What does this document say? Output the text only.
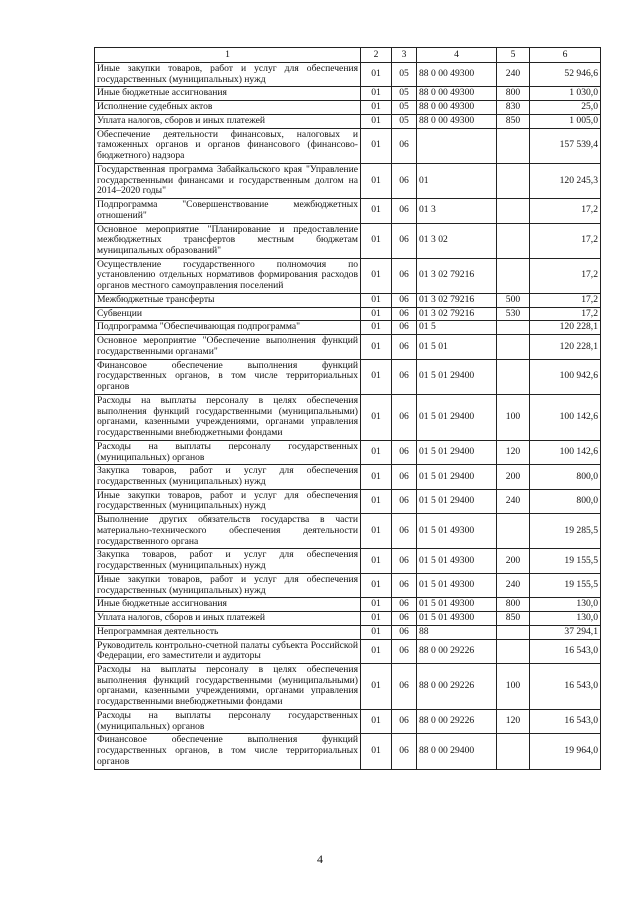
1	2	3	4	5	6
Иные закупки товаров, работ и услуг для обеспечения государственных (муниципальных) нужд	01	05	88 0 00 49300	240	52 946,6
Иные бюджетные ассигнования	01	05	88 0 00 49300	800	1 030,0
Исполнение судебных актов	01	05	88 0 00 49300	830	25,0
Уплата налогов, сборов и иных платежей	01	05	88 0 00 49300	850	1 005,0
Обеспечение деятельности финансовых, налоговых и таможенных органов и органов финансового (финансово-бюджетного) надзора	01	06			157 539,4
Государственная программа Забайкальского края "Управление государственными финансами и государственным долгом на 2014–2020 годы"	01	06	01		120 245,3
Подпрограмма "Совершенствование межбюджетных отношений"	01	06	01 3		17,2
Основное мероприятие "Планирование и предоставление межбюджетных трансфертов местным бюджетам муниципальных образований"	01	06	01 3 02		17,2
Осуществление государственного полномочия по установлению отдельных нормативов формирования расходов органов местного самоуправления поселений	01	06	01 3 02 79216		17,2
Межбюджетные трансферты	01	06	01 3 02 79216	500	17,2
Субвенции	01	06	01 3 02 79216	530	17,2
Подпрограмма "Обеспечивающая подпрограмма"	01	06	01 5		120 228,1
Основное мероприятие "Обеспечение выполнения функций государственными органами"	01	06	01 5 01		120 228,1
Финансовое обеспечение выполнения функций государственных органов, в том числе территориальных органов	01	06	01 5 01 29400		100 942,6
Расходы на выплаты персоналу в целях обеспечения выполнения функций государственными (муниципальными) органами, казенными учреждениями, органами управления государственными внебюджетными фондами	01	06	01 5 01 29400	100	100 142,6
Расходы на выплаты персоналу государственных (муниципальных) органов	01	06	01 5 01 29400	120	100 142,6
Закупка товаров, работ и услуг для обеспечения государственных (муниципальных) нужд	01	06	01 5 01 29400	200	800,0
Иные закупки товаров, работ и услуг для обеспечения государственных (муниципальных) нужд	01	06	01 5 01 29400	240	800,0
Выполнение других обязательств государства в части материально-технического обеспечения деятельности государственного органа	01	06	01 5 01 49300		19 285,5
Закупка товаров, работ и услуг для обеспечения государственных (муниципальных) нужд	01	06	01 5 01 49300	200	19 155,5
Иные закупки товаров, работ и услуг для обеспечения государственных (муниципальных) нужд	01	06	01 5 01 49300	240	19 155,5
Иные бюджетные ассигнования	01	06	01 5 01 49300	800	130,0
Уплата налогов, сборов и иных платежей	01	06	01 5 01 49300	850	130,0
Непрограммная деятельность	01	06	88		37 294,1
Руководитель контрольно-счетной палаты субъекта Российской Федерации, его заместители и аудиторы	01	06	88 0 00 29226		16 543,0
Расходы на выплаты персоналу в целях обеспечения выполнения функций государственными (муниципальными) органами, казенными учреждениями, органами управления государственными внебюджетными фондами	01	06	88 0 00 29226	100	16 543,0
Расходы на выплаты персоналу государственных (муниципальных) органов	01	06	88 0 00 29226	120	16 543,0
Финансовое обеспечение выполнения функций государственных органов, в том числе территориальных органов	01	06	88 0 00 29400		19 964,0
4
